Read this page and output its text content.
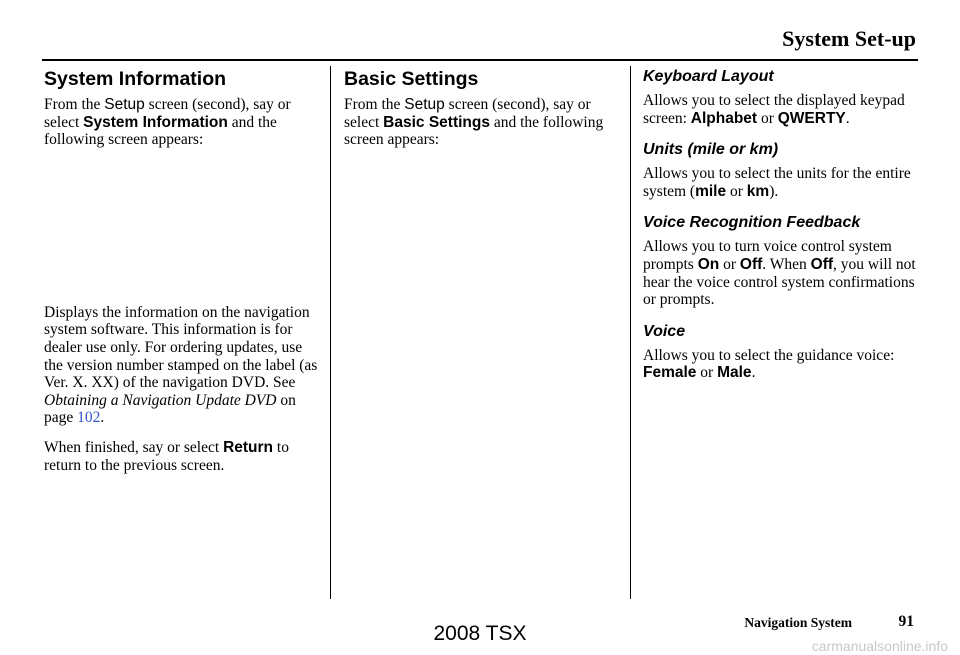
System Set-up
System Information

From the Setup screen (second), say or select System Information and the following screen appears:

Displays the information on the navigation system software. This information is for dealer use only. For ordering updates, use the version number stamped on the label (as Ver. X. XX) of the navigation DVD. See Obtaining a Navigation Update DVD on page 102.

When finished, say or select Return to return to the previous screen.

Basic Settings

From the Setup screen (second), say or select Basic Settings and the following screen appears:

Keyboard Layout

Allows you to select the displayed keypad screen: Alphabet or QWERTY.

Units (mile or km)

Allows you to select the units for the entire system (mile or km).

Voice Recognition Feedback

Allows you to turn voice control system prompts On or Off. When Off, you will not hear the voice control system confirmations or prompts.

Voice

Allows you to select the guidance voice: Female or Male.

Navigation System	91
2008 TSX
carmanualsonline.info
